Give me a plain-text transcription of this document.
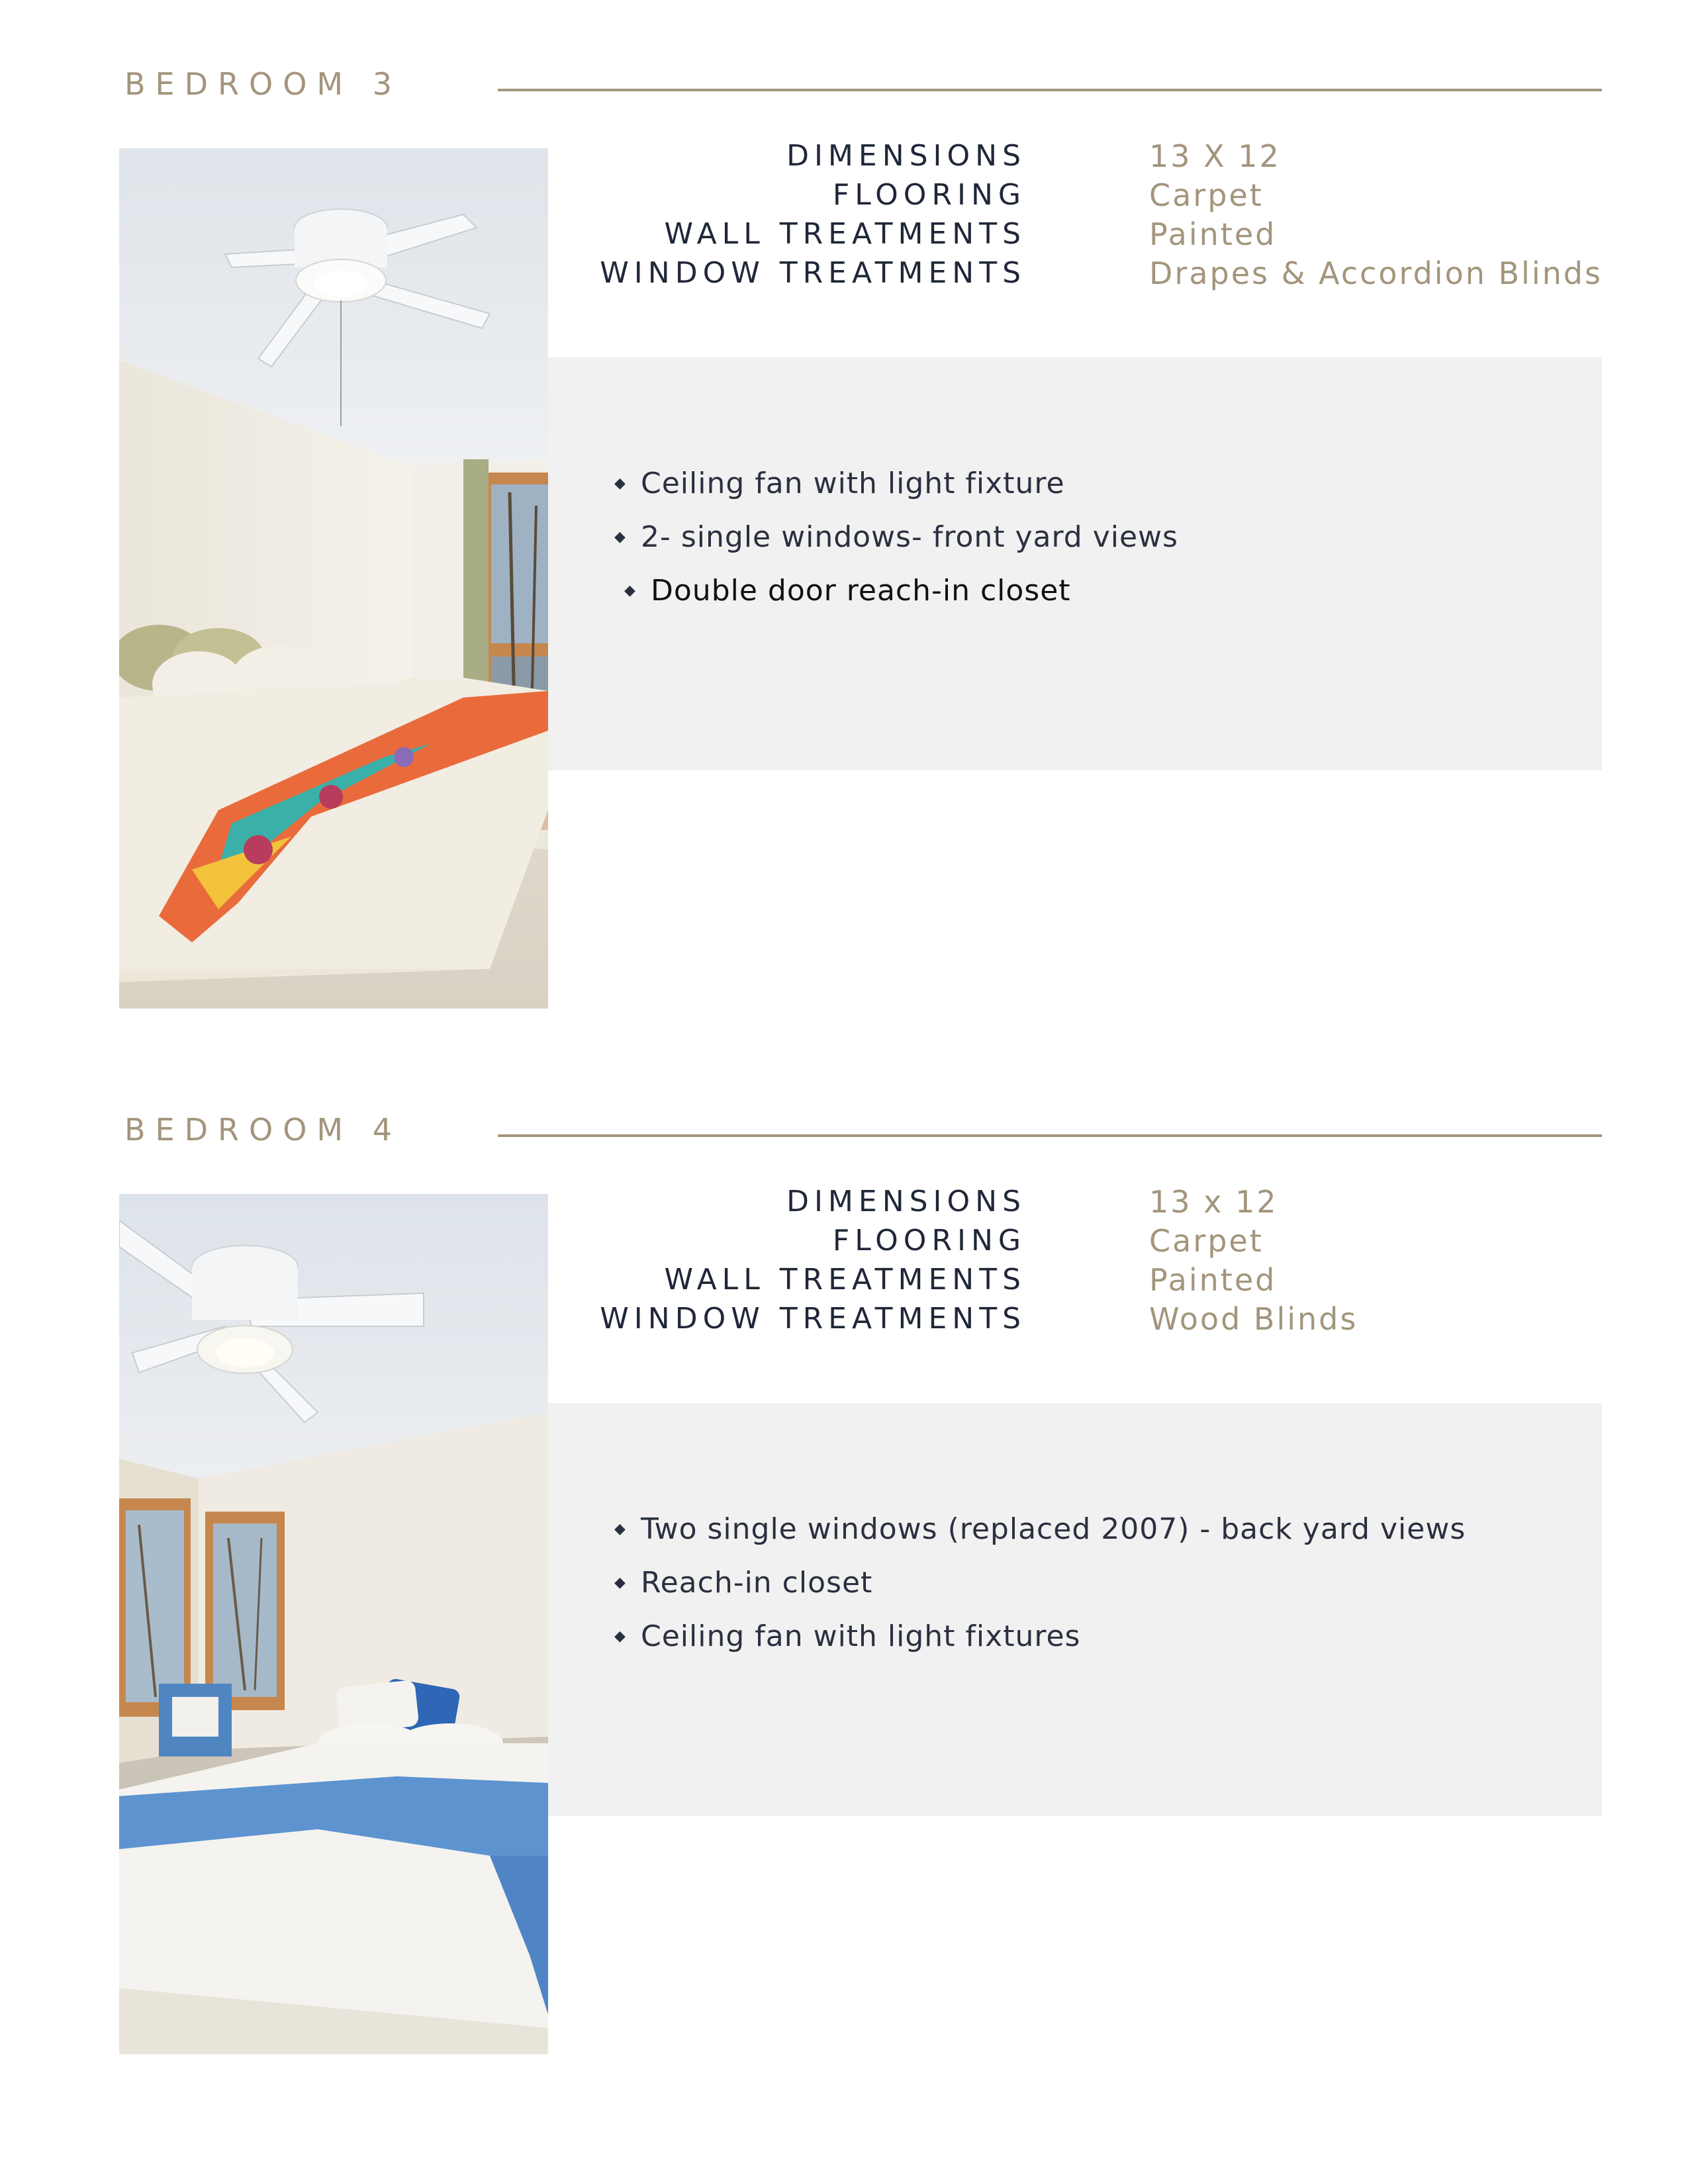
BEDROOM 3
DIMENSIONS	13 X 12
FLOORING	Carpet
WALL TREATMENTS	Painted
WINDOW TREATMENTS	Drapes & Accordion Blinds
◆ Ceiling fan with light fixture
◆ 2- single windows- front yard views
◆ Double door reach-in closet
BEDROOM 4
DIMENSIONS	13 x 12
FLOORING	Carpet
WALL TREATMENTS	Painted
WINDOW TREATMENTS	Wood Blinds
◆ Two single windows (replaced 2007) - back yard views
◆ Reach-in closet
◆ Ceiling fan with light fixtures
